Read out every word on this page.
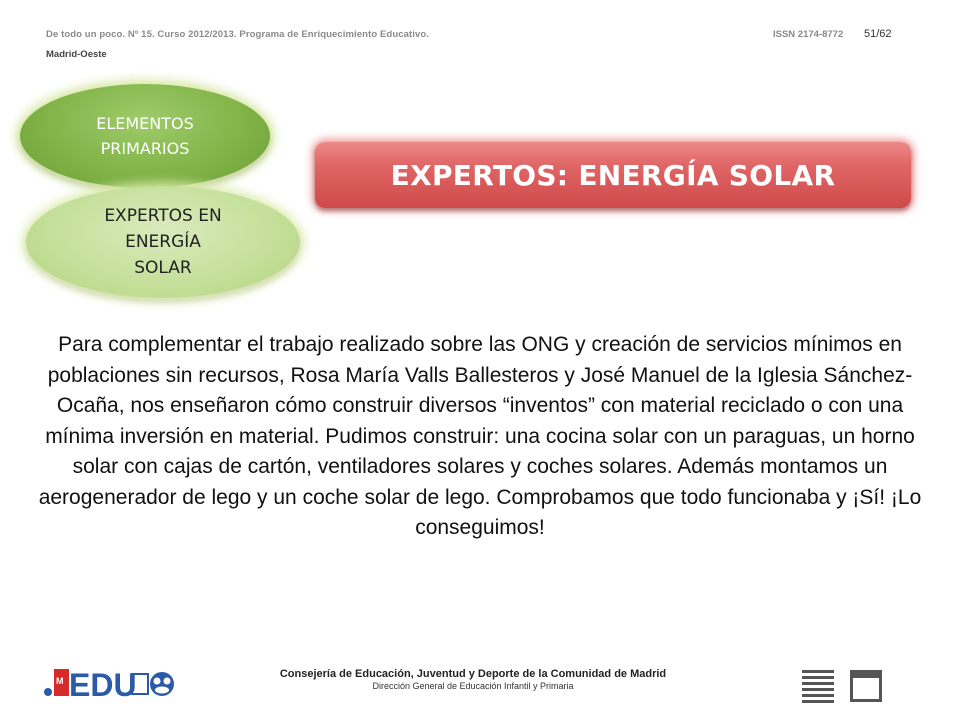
De todo un poco. Nº 15. Curso 2012/2013. Programa de Enriquecimiento Educativo.	ISSN 2174-8772 51/62
Madrid-Oeste
ELEMENTOS
PRIMARIOS
EXPERTOS EN
ENERGÍA
SOLAR
EXPERTOS: ENERGÍA SOLAR
Para complementar el trabajo realizado sobre las ONG y creación de servicios mínimos en poblaciones sin recursos, Rosa María Valls Ballesteros y José Manuel de la Iglesia Sánchez-Ocaña, nos enseñaron cómo construir diversos “inventos” con material reciclado o con una mínima inversión en material. Pudimos construir: una cocina solar con un paraguas, un horno solar con cajas de cartón, ventiladores solares y coches solares. Además montamos un aerogenerador de lego y un coche solar de lego. Comprobamos que todo funcionaba y ¡Sí! ¡Lo conseguimos!
M EDU	Consejería de Educación, Juventud y Deporte de la Comunidad de Madrid
Dirección General de Educación Infantil y Primaria
